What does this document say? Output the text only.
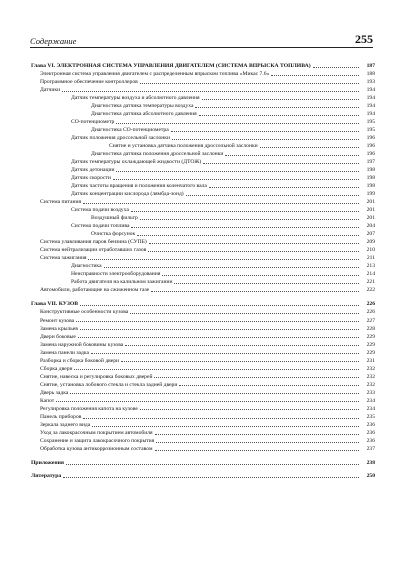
Содержание	255
Глава VI. ЭЛЕКТРОННАЯ СИСТЕМА УПРАВЛЕНИЯ ДВИГАТЕЛЕМ (СИСТЕМА ВПРЫСКА ТОПЛИВА)	187
Электронная система управления двигателем с распределенным впрыском топлива «Микас 7.6»	188
Программное обеспечение контроллеров	193
Датчики	194
Датчик температуры воздуха и абсолютного давления	194
Диагностика датчика температуры воздуха	194
Диагностика датчика абсолютного давления	194
СО-потенциометр	195
Диагностика СО-потенциометра	195
Датчик положения дроссельной заслонки	196
Снятие и установка датчика положения дроссельной заслонки	196
Диагностика датчика положения дроссельной заслонки	196
Датчик температуры охлаждающей жидкости (ДТОЖ)	197
Датчик детонации	198
Датчик скорости	198
Датчик частоты вращения и положения коленчатого вала	198
Датчик концентрации кислорода (лямбда-зонд)	199
Система питания	201
Система подачи воздуха	201
Воздушный фильтр	201
Система подачи топлива	204
Очистка форсунок	207
Система улавливания паров бензина (СУПБ)	209
Система нейтрализации отработавших газов	210
Система зажигания	211
Диагностика	213
Неисправности электрооборудования	214
Работа двигателя на калильном зажигании	221
Автомобили, работающие на сжиженном газе	222
Глава VII. КУЗОВ	226
Конструктивные особенности кузова	226
Ремонт кузова	227
Замена крыльев	228
Двери боковые	229
Замена наружной боковины кузова	229
Замена панели задка	229
Разборка и сборка боковой двери	231
Сборка двери	232
Снятие, навеска и регулировка боковых дверей	232
Снятие, установка лобового стекла и стекла задней двери	232
Дверь задка	233
Капот	234
Регулировка положения капота на кузове	234
Панель приборов	235
Зеркала заднего вида	236
Уход за лакокрасочным покрытием автомобиля	236
Сохранение и защита лакокрасочного покрытия	236
Обработка кузова антикоррозионным составом	237
Приложения	238
Литература	250
